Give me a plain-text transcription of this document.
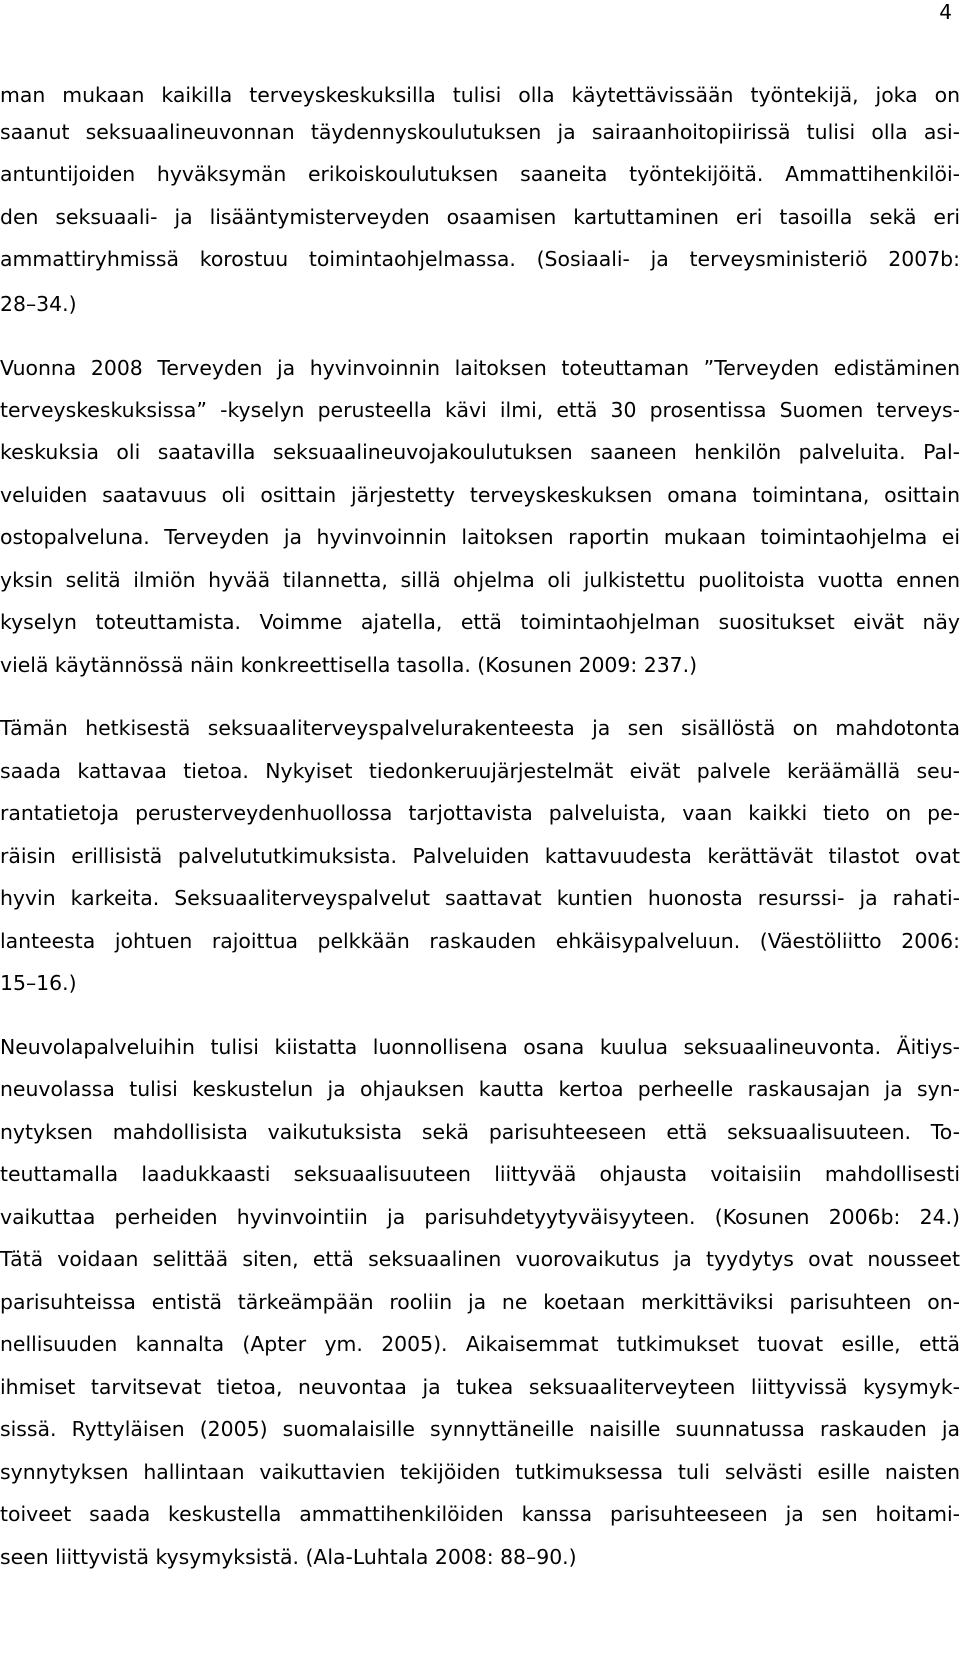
4
man mukaan kaikilla terveyskeskuksilla tulisi olla käytettävissään työntekijä, joka on
saanut seksuaalineuvonnan täydennyskoulutuksen ja sairaanhoitopiirissä tulisi olla asi-
antuntijoiden hyväksymän erikoiskoulutuksen saaneita työntekijöitä. Ammattihenkilöi-
den seksuaali- ja lisääntymisterveyden osaamisen kartuttaminen eri tasoilla sekä eri
ammattiryhmissä korostuu toimintaohjelmassa. (Sosiaali- ja terveysministeriö 2007b:
28–34.)
Vuonna 2008 Terveyden ja hyvinvoinnin laitoksen toteuttaman ”Terveyden edistäminen
terveyskeskuksissa” -kyselyn perusteella kävi ilmi, että 30 prosentissa Suomen terveys-
keskuksia oli saatavilla seksuaalineuvojakoulutuksen saaneen henkilön palveluita. Pal-
veluiden saatavuus oli osittain järjestetty terveyskeskuksen omana toimintana, osittain
ostopalveluna. Terveyden ja hyvinvoinnin laitoksen raportin mukaan toimintaohjelma ei
yksin selitä ilmiön hyvää tilannetta, sillä ohjelma oli julkistettu puolitoista vuotta ennen
kyselyn toteuttamista. Voimme ajatella, että toimintaohjelman suositukset eivät näy
vielä käytännössä näin konkreettisella tasolla. (Kosunen 2009: 237.)
Tämän hetkisestä seksuaaliterveyspalvelurakenteesta ja sen sisällöstä on mahdotonta
saada kattavaa tietoa. Nykyiset tiedonkeruujärjestelmät eivät palvele keräämällä seu-
rantatietoja perusterveydenhuollossa tarjottavista palveluista, vaan kaikki tieto on pe-
räisin erillisistä palvelututkimuksista. Palveluiden kattavuudesta kerättävät tilastot ovat
hyvin karkeita. Seksuaaliterveyspalvelut saattavat kuntien huonosta resurssi- ja rahati-
lanteesta johtuen rajoittua pelkkään raskauden ehkäisypalveluun. (Väestöliitto 2006:
15–16.)
Neuvolapalveluihin tulisi kiistatta luonnollisena osana kuulua seksuaalineuvonta. Äitiys-
neuvolassa tulisi keskustelun ja ohjauksen kautta kertoa perheelle raskausajan ja syn-
nytyksen mahdollisista vaikutuksista sekä parisuhteeseen että seksuaalisuuteen. To-
teuttamalla laadukkaasti seksuaalisuuteen liittyvää ohjausta voitaisiin mahdollisesti
vaikuttaa perheiden hyvinvointiin ja parisuhdetyytyväisyyteen. (Kosunen 2006b: 24.)
Tätä voidaan selittää siten, että seksuaalinen vuorovaikutus ja tyydytys ovat nousseet
parisuhteissa entistä tärkeämpään rooliin ja ne koetaan merkittäviksi parisuhteen on-
nellisuuden kannalta (Apter ym. 2005). Aikaisemmat tutkimukset tuovat esille, että
ihmiset tarvitsevat tietoa, neuvontaa ja tukea seksuaaliterveyteen liittyvissä kysymyk-
sissä. Ryttyläisen (2005) suomalaisille synnyttäneille naisille suunnatussa raskauden ja
synnytyksen hallintaan vaikuttavien tekijöiden tutkimuksessa tuli selvästi esille naisten
toiveet saada keskustella ammattihenkilöiden kanssa parisuhteeseen ja sen hoitami-
seen liittyvistä kysymyksistä. (Ala-Luhtala 2008: 88–90.)
